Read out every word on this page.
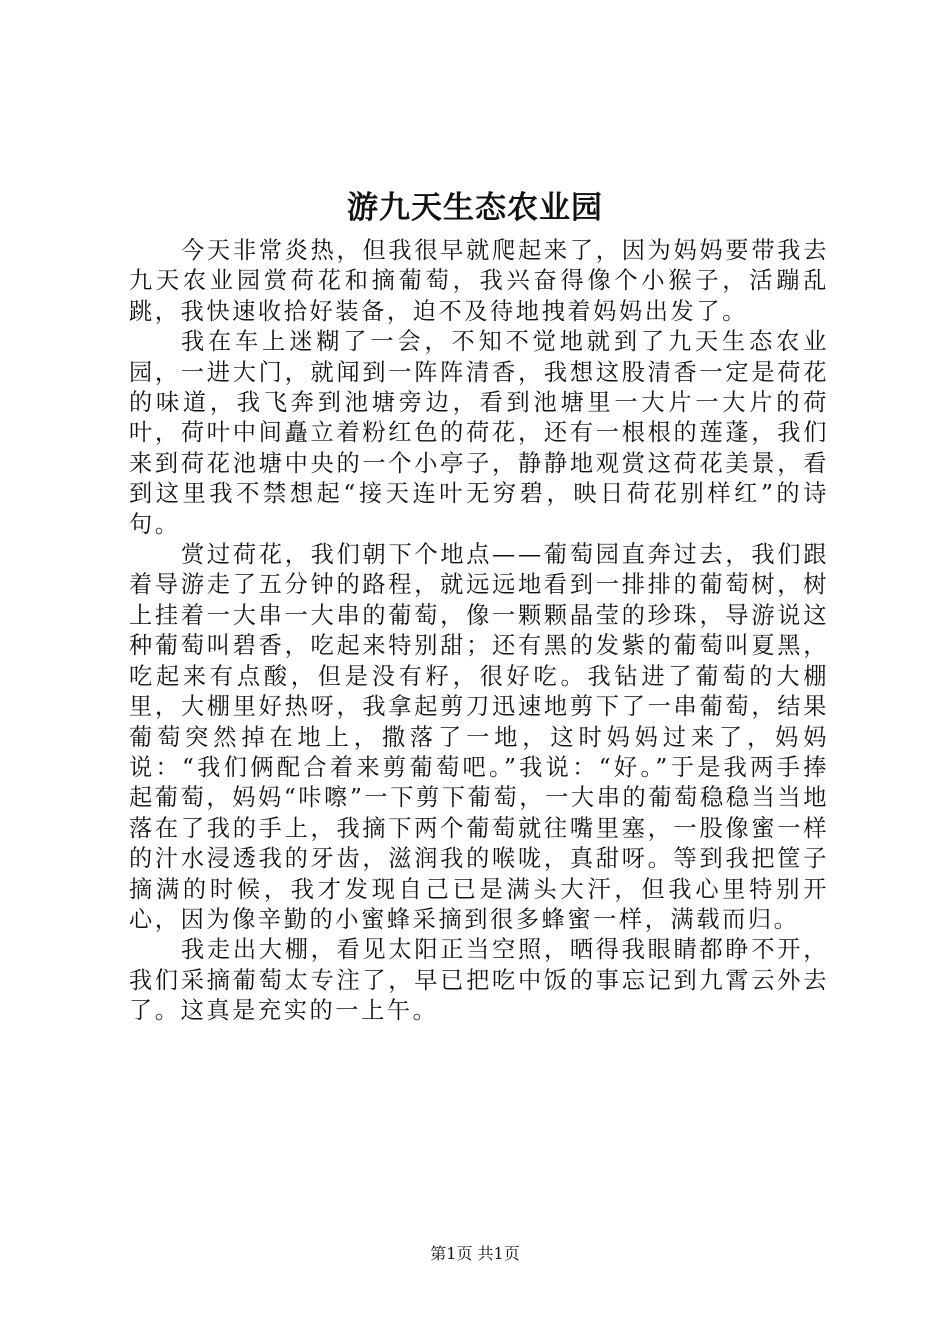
游九天生态农业园

今天非常炎热，但我很早就爬起来了，因为妈妈要带我去九天农业园赏荷花和摘葡萄，我兴奋得像个小猴子，活蹦乱跳，我快速收拾好装备，迫不及待地拽着妈妈出发了。

我在车上迷糊了一会，不知不觉地就到了九天生态农业园，一进大门，就闻到一阵阵清香，我想这股清香一定是荷花的味道，我飞奔到池塘旁边，看到池塘里一大片一大片的荷叶，荷叶中间矗立着粉红色的荷花，还有一根根的莲蓬，我们来到荷花池塘中央的一个小亭子，静静地观赏这荷花美景，看到这里我不禁想起“接天连叶无穷碧，映日荷花别样红”的诗句。

赏过荷花，我们朝下个地点——葡萄园直奔过去，我们跟着导游走了五分钟的路程，就远远地看到一排排的葡萄树，树上挂着一大串一大串的葡萄，像一颗颗晶莹的珍珠，导游说这种葡萄叫碧香，吃起来特别甜；还有黑的发紫的葡萄叫夏黑，吃起来有点酸，但是没有籽，很好吃。我钻进了葡萄的大棚里，大棚里好热呀，我拿起剪刀迅速地剪下了一串葡萄，结果葡萄突然掉在地上，撒落了一地，这时妈妈过来了，妈妈说：“我们俩配合着来剪葡萄吧。”我说：“好。”于是我两手捧起葡萄，妈妈“咔嚓”一下剪下葡萄，一大串的葡萄稳稳当当地落在了我的手上，我摘下两个葡萄就往嘴里塞，一股像蜜一样的汁水浸透我的牙齿，滋润我的喉咙，真甜呀。等到我把筐子摘满的时候，我才发现自己已是满头大汗，但我心里特别开心，因为像辛勤的小蜜蜂采摘到很多蜂蜜一样，满载而归。

我走出大棚，看见太阳正当空照，晒得我眼睛都睁不开，我们采摘葡萄太专注了，早已把吃中饭的事忘记到九霄云外去了。这真是充实的一上午。

第1页 共1页
